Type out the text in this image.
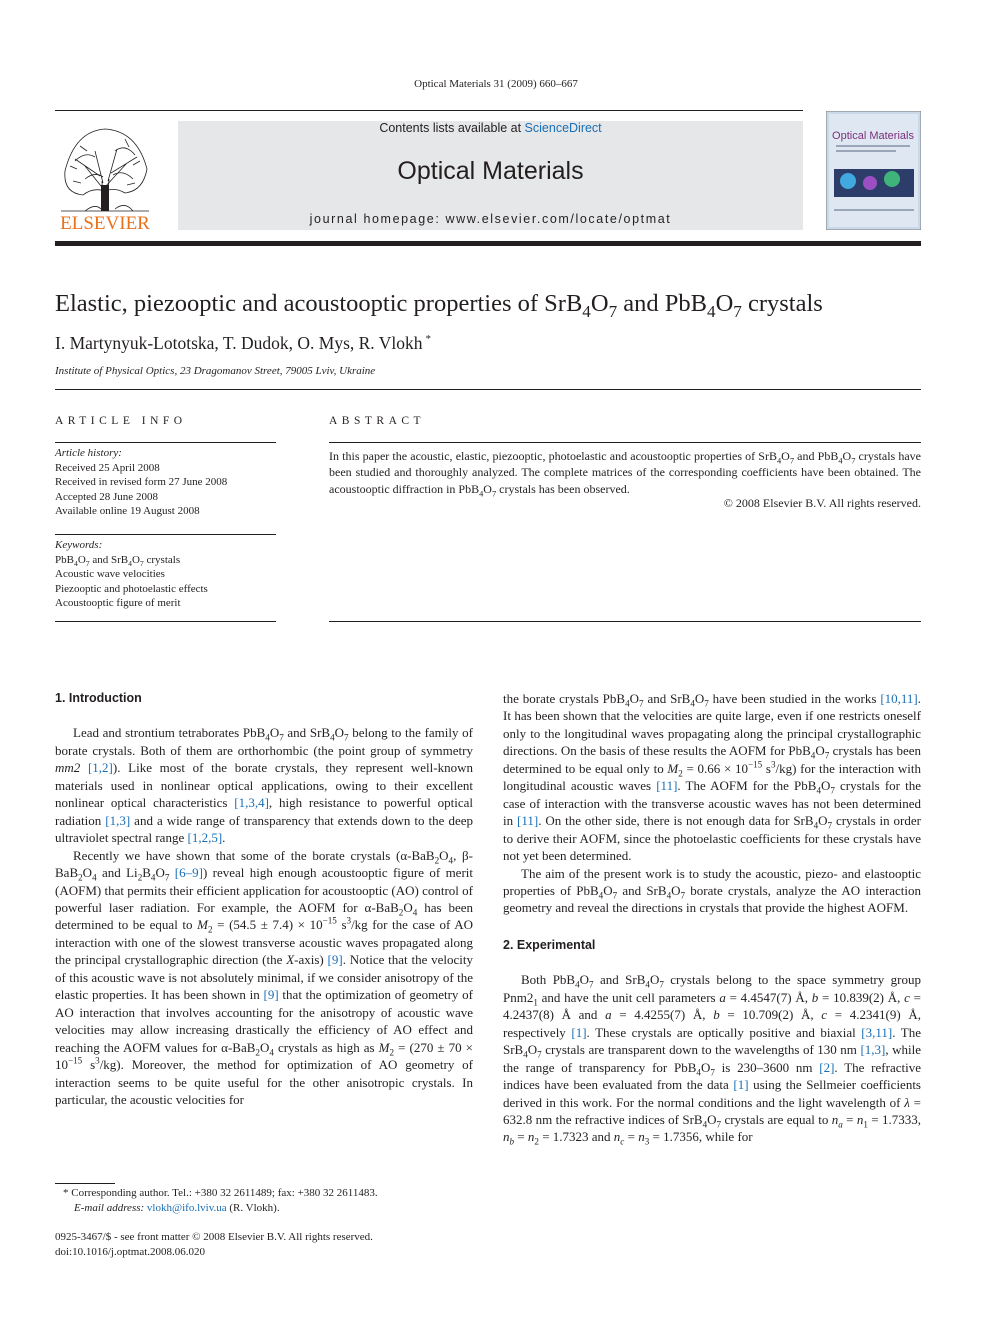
Optical Materials 31 (2009) 660–667
ELSEVIER
Contents lists available at ScienceDirect
Optical Materials
journal homepage: www.elsevier.com/locate/optmat
Optical Materials
Elastic, piezooptic and acoustooptic properties of $SrB_4O_7$ and $PbB_4O_7$ crystals
I. Martynyuk-Lototska, T. Dudok, O. Mys, R. Vlokh *
Institute of Physical Optics, 23 Dragomanov Street, 79005 Lviv, Ukraine
ARTICLE INFO
Article history:
Received 25 April 2008
Received in revised form 27 June 2008
Accepted 28 June 2008
Available online 19 August 2008
Keywords:
$PbB_4O_7$ and $SrB_4O_7$ crystals
Acoustic wave velocities
Piezooptic and photoelastic effects
Acoustooptic figure of merit
ABSTRACT
In this paper the acoustic, elastic, piezooptic, photoelastic and acoustooptic properties of $SrB_4O_7$ and $PbB_4O_7$ crystals have been studied and thoroughly analyzed. The complete matrices of the corresponding coefficients have been obtained. The acoustooptic diffraction in $PbB_4O_7$ crystals has been observed.
© 2008 Elsevier B.V. All rights reserved.
1. Introduction

Lead and strontium tetraborates $PbB_4O_7$ and $SrB_4O_7$ belong to the family of borate crystals. Both of them are orthorhombic (the point group of symmetry mm2 [1,2]). Like most of the borate crystals, they represent well-known materials used in nonlinear optical applications, owing to their excellent nonlinear optical characteristics [1,3,4], high resistance to powerful optical radiation [1,3] and a wide range of transparency that extends down to the deep ultraviolet spectral range [1,2,5].

Recently we have shown that some of the borate crystals ($\alpha-BaB_2O_4$, $\beta-BaB_2O_4$ and $Li_2B_4O_7$ [6–9]) reveal high enough acoustooptic figure of merit (AOFM) that permits their efficient application for acoustooptic (AO) control of powerful laser radiation. For example, the AOFM for $\alpha-BaB_2O_4$ has been determined to be equal to $M_2 = (54.5 \pm 7.4) \times 10^{-15}$ $s^3/kg$ for the case of AO interaction with one of the slowest transverse acoustic waves propagated along the principal crystallographic direction (the X-axis) [9]. Notice that the velocity of this acoustic wave is not absolutely minimal, if we consider anisotropy of the elastic properties. It has been shown in [9] that the optimization of geometry of AO interaction that involves accounting for the anisotropy of acoustic wave velocities may allow increasing drastically the efficiency of AO effect and reaching the AOFM values for $\alpha-BaB_2O_4$ crystals as high as $M_2 = (270 \pm 70 \times 10^{-15}$ $s^3/kg$). Moreover, the method for optimization of AO geometry of interaction seems to be quite useful for the other anisotropic crystals. In particular, the acoustic velocities for

the borate crystals $PbB_4O_7$ and $SrB_4O_7$ have been studied in the works [10,11]. It has been shown that the velocities are quite large, even if one restricts oneself only to the longitudinal waves propagating along the principal crystallographic directions. On the basis of these results the AOFM for $PbB_4O_7$ crystals has been determined to be equal only to $M_2 = 0.66 \times 10^{-15}$ $s^3/kg$) for the interaction with longitudinal acoustic waves [11]. The AOFM for the $PbB_4O_7$ crystals for the case of interaction with the transverse acoustic waves has not been determined in [11]. On the other side, there is not enough data for $SrB_4O_7$ crystals in order to derive their AOFM, since the photoelastic coefficients for these crystals have not yet been determined.

The aim of the present work is to study the acoustic, piezo- and elastooptic properties of $PbB_4O_7$ and $SrB_4O_7$ borate crystals, analyze the AO interaction geometry and reveal the directions in crystals that provide the highest AOFM.

2. Experimental

Both $PbB_4O_7$ and $SrB_4O_7$ crystals belong to the space symmetry group $Pnm2_1$ and have the unit cell parameters a = 4.4547(7) Å, b = 10.839(2) Å, c = 4.2437(8) Å and a = 4.4255(7) Å, b = 10.709(2) Å, c = 4.2341(9) Å, respectively [1]. These crystals are optically positive and biaxial [3,11]. The $SrB_4O_7$ crystals are transparent down to the wavelengths of 130 nm [1,3], while the range of transparency for $PbB_4O_7$ is 230–3600 nm [2]. The refractive indices have been evaluated from the data [1] using the Sellmeier coefficients derived in this work. For the normal conditions and the light wavelength of λ = 632.8 nm the refractive indices of $SrB_4O_7$ crystals are equal to $n_a = n_1 = 1.7333$, $n_b = n_2 = 1.7323$ and $n_c = n_3 = 1.7356$, while for

* Corresponding author. Tel.: +380 32 2611489; fax: +380 32 2611483.
E-mail address: vlokh@ifo.lviv.ua (R. Vlokh).
0925-3467/$ - see front matter © 2008 Elsevier B.V. All rights reserved.
doi:10.1016/j.optmat.2008.06.020
